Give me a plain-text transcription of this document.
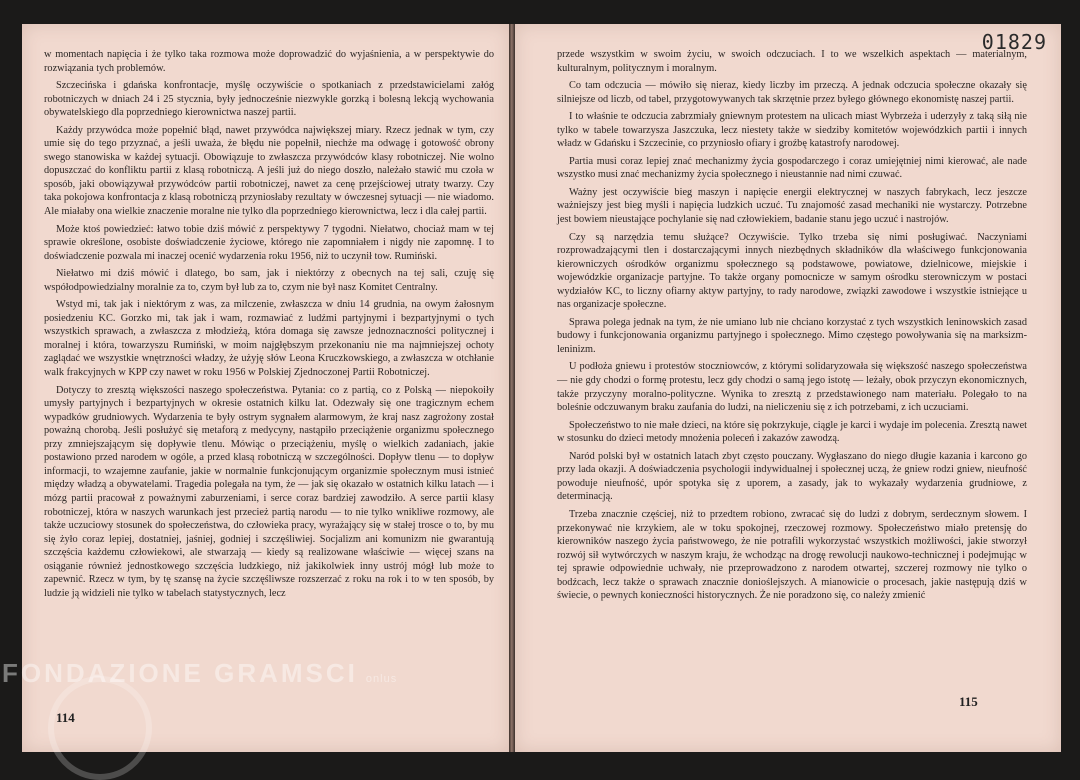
w momentach napięcia i że tylko taka rozmowa może doprowadzić do wyjaśnienia, a w perspektywie do rozwiązania tych problemów.

Szczecińska i gdańska konfrontacje, myślę oczywiście o spotkaniach z przedstawicielami załóg robotniczych w dniach 24 i 25 stycznia, były jednocześnie niezwykle gorzką i bolesną lekcją wychowania obywatelskiego dla poprzedniego kierownictwa naszej partii.

Każdy przywódca może popełnić błąd, nawet przywódca największej miary. Rzecz jednak w tym, czy umie się do tego przyznać, a jeśli uważa, że błędu nie popełnił, niechże ma odwagę i gotowość obrony swego stanowiska w każdej sytuacji. Obowiązuje to zwłaszcza przywódców klasy robotniczej. Nie wolno dopuszczać do konfliktu partii z klasą robotniczą. A jeśli już do niego doszło, należało stawić mu czoła w sposób, jaki obowiązywał przywódców partii robotniczej, nawet za cenę przejściowej utraty twarzy. Czy taka pokojowa konfrontacja z klasą robotniczą przyniosłaby rezultaty w ówczesnej sytuacji — nie wiadomo. Ale miałaby ona wielkie znaczenie moralne nie tylko dla poprzedniego kierownictwa, lecz i dla całej partii.

Może ktoś powiedzieć: łatwo tobie dziś mówić z perspektywy 7 tygodni. Niełatwo, chociaż mam w tej sprawie określone, osobiste doświadczenie życiowe, którego nie zapomniałem i nigdy nie zapomnę. I to doświadczenie pozwala mi inaczej ocenić wydarzenia roku 1956, niż to uczynił tow. Rumiński.

Niełatwo mi dziś mówić i dlatego, bo sam, jak i niektórzy z obecnych na tej sali, czuję się współodpowiedzialny moralnie za to, czym był lub za to, czym nie był nasz Komitet Centralny.

Wstyd mi, tak jak i niektórym z was, za milczenie, zwłaszcza w dniu 14 grudnia, na owym żałosnym posiedzeniu KC. Gorzko mi, tak jak i wam, rozmawiać z ludźmi partyjnymi i bezpartyjnymi o tych wszystkich sprawach, a zwłaszcza z młodzieżą, która domaga się zawsze jednoznaczności politycznej i moralnej i która, towarzyszu Rumiński, w moim najgłębszym przekonaniu nie ma najmniejszej ochoty zaglądać we wszystkie wnętrzności władzy, że użyję słów Leona Kruczkowskiego, a zwłaszcza w otchłanie walk frakcyjnych w KPP czy nawet w roku 1956 w Polskiej Zjednoczonej Partii Robotniczej.

Dotyczy to zresztą większości naszego społeczeństwa. Pytania: co z partią, co z Polską — niepokoiły umysły partyjnych i bezpartyjnych w okresie ostatnich kilku lat. Odezwały się one tragicznym echem wypadków grudniowych. Wydarzenia te były ostrym sygnałem alarmowym, że kraj nasz zagrożony został poważną chorobą. Jeśli posłużyć się metaforą z medycyny, nastąpiło przeciążenie organizmu społecznego przy zmniejszającym się dopływie tlenu. Mówiąc o przeciążeniu, myślę o wielkich zadaniach, jakie postawiono przed narodem w ogóle, a przed klasą robotniczą w szczególności. Dopływ tlenu — to dopływ informacji, to wzajemne zaufanie, jakie w normalnie funkcjonującym organizmie społecznym musi istnieć między władzą a obywatelami. Tragedia polegała na tym, że — jak się okazało w ostatnich kilku latach — i mózg partii pracował z poważnymi zaburzeniami, i serce coraz bardziej zawodziło. A serce partii klasy robotniczej, która w naszych warunkach jest przecież partią narodu — to nie tylko wnikliwe rozmowy, ale także uczuciowy stosunek do społeczeństwa, do człowieka pracy, wyrażający się w stałej trosce o to, by mu się żyło coraz lepiej, dostatniej, jaśniej, godniej i szczęśliwiej. Socjalizm ani komunizm nie gwarantują szczęścia każdemu człowiekowi, ale stwarzają — kiedy są realizowane właściwie — więcej szans na osiąganie również jednostkowego szczęścia ludzkiego, niż jakikolwiek inny ustrój mógł lub może to zapewnić. Rzecz w tym, by tę szansę na życie szczęśliwsze rozszerzać z roku na rok i to w ten sposób, by ludzie ją widzieli nie tylko w tabelach statystycznych, lecz

114
01829

przede wszystkim w swoim życiu, w swoich odczuciach. I to we wszelkich aspektach — materialnym, kulturalnym, politycznym i moralnym.

Co tam odczucia — mówiło się nieraz, kiedy liczby im przeczą. A jednak odczucia społeczne okazały się silniejsze od liczb, od tabel, przygotowywanych tak skrzętnie przez byłego głównego ekonomistę naszej partii.

I to właśnie te odczucia zabrzmiały gniewnym protestem na ulicach miast Wybrzeża i uderzyły z taką siłą nie tylko w tabele towarzysza Jaszczuka, lecz niestety także w siedziby komitetów wojewódzkich partii i innych władz w Gdańsku i Szczecinie, co przyniosło ofiary i groźbę katastrofy narodowej.

Partia musi coraz lepiej znać mechanizmy życia gospodarczego i coraz umiejętniej nimi kierować, ale nade wszystko musi znać mechanizmy życia społecznego i nieustannie nad nimi czuwać.

Ważny jest oczywiście bieg maszyn i napięcie energii elektrycznej w naszych fabrykach, lecz jeszcze ważniejszy jest bieg myśli i napięcia ludzkich uczuć. Tu znajomość zasad mechaniki nie wystarczy. Potrzebne jest bowiem nieustające pochylanie się nad człowiekiem, badanie stanu jego uczuć i nastrojów.

Czy są narzędzia temu służące? Oczywiście. Tylko trzeba się nimi posługiwać. Naczyniami rozprowadzającymi tlen i dostarczającymi innych niezbędnych składników dla właściwego funkcjonowania kierowniczych ośrodków organizmu społecznego są podstawowe, powiatowe, dzielnicowe, miejskie i wojewódzkie organizacje partyjne. To także organy pomocnicze w samym ośrodku sterowniczym w postaci wydziałów KC, to liczny ofiarny aktyw partyjny, to rady narodowe, związki zawodowe i wszystkie istniejące u nas organizacje społeczne.

Sprawa polega jednak na tym, że nie umiano lub nie chciano korzystać z tych wszystkich leninowskich zasad budowy i funkcjonowania organizmu partyjnego i społecznego. Mimo częstego powoływania się na marksizm-leninizm.

U podłoża gniewu i protestów stoczniowców, z którymi solidaryzowała się większość naszego społeczeństwa — nie gdy chodzi o formę protestu, lecz gdy chodzi o samą jego istotę — leżały, obok przyczyn ekonomicznych, także przyczyny moralno-polityczne. Wynika to zresztą z przedstawionego nam materiału. Polegało to na boleśnie odczuwanym braku zaufania do ludzi, na nieliczeniu się z ich potrzebami, z ich uczuciami.

Społeczeństwo to nie małe dzieci, na które się pokrzykuje, ciągle je karci i wydaje im polecenia. Zresztą nawet w stosunku do dzieci metody mnożenia poleceń i zakazów zawodzą.

Naród polski był w ostatnich latach zbyt często pouczany. Wygłaszano do niego długie kazania i karcono go przy lada okazji. A doświadczenia psychologii indywidualnej i społecznej uczą, że gniew rodzi gniew, nieufność powoduje nieufność, upór spotyka się z uporem, a zasady, jak to wykazały wydarzenia grudniowe, z determinacją.

Trzeba znacznie częściej, niż to przedtem robiono, zwracać się do ludzi z dobrym, serdecznym słowem. I przekonywać nie krzykiem, ale w toku spokojnej, rzeczowej rozmowy. Społeczeństwo miało pretensję do kierowników naszego życia państwowego, że nie potrafili wykorzystać wszystkich możliwości, jakie stworzył rozwój sił wytwórczych w naszym kraju, że wchodząc na drogę rewolucji naukowo-technicznej i podejmując w tej sprawie odpowiednie uchwały, nie przeprowadzono z narodem otwartej, szczerej rozmowy nie tylko o bodźcach, lecz także o sprawach znacznie donioślejszych. A mianowicie o procesach, jakie następują dziś w świecie, o pewnych konieczności historycznych. Że nie poradzono się, co należy zmienić

115
FONDAZIONE GRAMSCI onlus
